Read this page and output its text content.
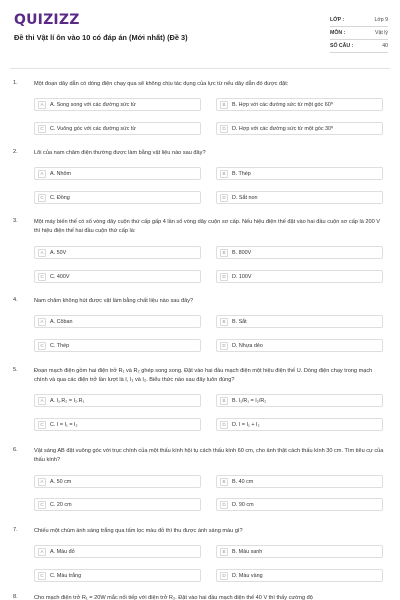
QUIZIZZ
Đề thi Vật lí ôn vào 10 có đáp án (Mới nhất) (Đề 3)
LỚP :	Lớp 9
MÔN :	Vật lý
SỐ CÂU :	40
1.	Một đoạn dây dẫn có dòng điện chạy qua sẽ không chịu tác dụng của lực từ nếu dây dẫn đó được đặt:
A	A. Song song với các đường sức từ	B	B. Hợp với các đường sức từ một góc 60⁰
C	C. Vuông góc với các đường sức từ	D	D. Hợp với các đường sức từ một góc 30⁰
2.	Lõi của nam châm điện thường được làm bằng vật liệu nào sau đây?
A	A. Nhôm	B	B. Thép
C	C. Đồng	D	D. Sắt non
3.	Một máy biến thế có số vòng dây cuộn thứ cấp gấp 4 lần số vòng dây cuộn sơ cấp. Nếu hiệu điện thế đặt vào hai đầu cuộn sơ cấp là 200 V thì hiệu điện thế hai đầu cuộn thứ cấp là:
A	A. 50V	B	B. 800V
C	C. 400V	D	D. 100V
4.	Nam châm không hút được vật làm bằng chất liệu nào sau đây?
A	A. Côban	B	B. Sắt
C	C. Thép	D	D. Nhựa dẻo
5.	Đoạn mạch điện gồm hai điện trở R₁ và R₂ ghép song song. Đặt vào hai đầu mạch điện một hiệu điện thế U. Dòng điện chạy trong mạch chính và qua các điện trở lần lượt là I, I₁ và I₂. Biểu thức nào sau đây luôn đúng?
A	A. I₁.R₂ = I₂.R₁	B	B. I₁/R₁ = I₂/R₂
C	C. I = I₁ = I₂	D	D. I = I₁ + I₂
6.	Vật sáng AB đặt vuông góc với trục chính của một thấu kính hội tụ cách thấu kính 60 cm, cho ảnh thật cách thấu kính 30 cm. Tìm tiêu cự của thấu kính?
A	A. 50 cm	B	B. 40 cm
C	C. 20 cm	D	D. 90 cm
7.	Chiếu một chùm ánh sáng trắng qua tấm lọc màu đỏ thì thu được ánh sáng màu gì?
A	A. Màu đỏ	B	B. Màu xanh
C	C. Màu trắng	D	D. Màu vàng
8.	Cho mạch điện trở R₁ = 20W mắc nối tiếp với điện trở R₂. Đặt vào hai đầu mạch điện thế 40 V thì thấy cường độ
